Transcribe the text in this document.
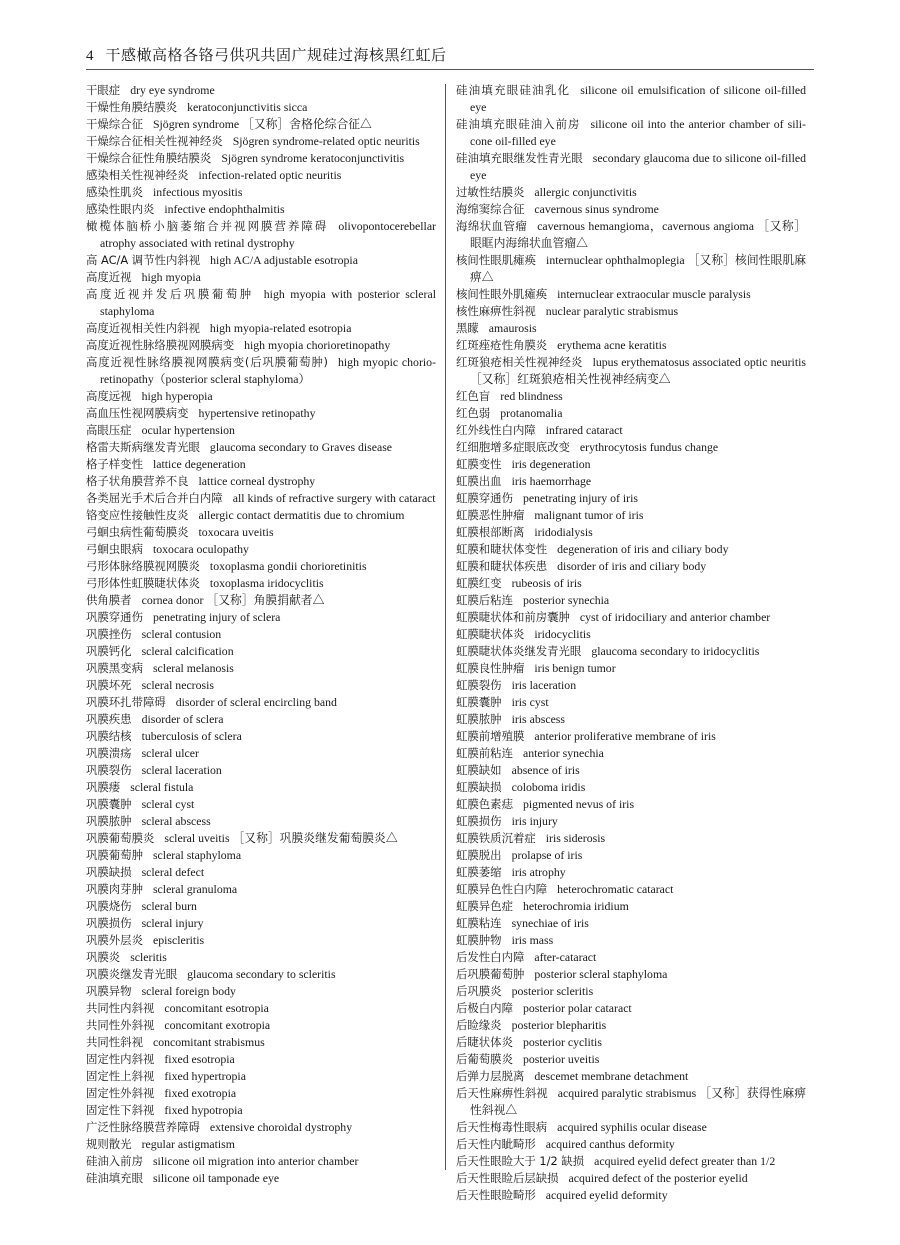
4 干感橄高格各铬弓供巩共固广规硅过海核黑红虹后
干眼症 dry eye syndrome
干燥性角膜结膜炎 keratoconjunctivitis sicca
干燥综合征 Sjögren syndrome ［又称］舍格伦综合征△
干燥综合征相关性视神经炎 Sjögren syndrome-related optic neuritis
干燥综合征性角膜结膜炎 Sjögren syndrome keratoconjunctivitis
感染相关性视神经炎 infection-related optic neuritis
感染性肌炎 infectious myositis
感染性眼内炎 infective endophthalmitis
橄榄体脑桥小脑萎缩合并视网膜营养障碍 olivopontocerebellar atrophy associated with retinal dystrophy
高 AC/A 调节性内斜视 high AC/A adjustable esotropia
高度近视 high myopia
高度近视并发后巩膜葡萄肿 high myopia with posterior scleral staphyloma
高度近视相关性内斜视 high myopia-related esotropia
高度近视性脉络膜视网膜病变 high myopia chorioretinopathy
高度近视性脉络膜视网膜病变(后巩膜葡萄肿) high myopic chorioretinopathy（posterior scleral staphyloma）
高度远视 high hyperopia
高血压性视网膜病变 hypertensive retinopathy
高眼压症 ocular hypertension
格雷夫斯病继发青光眼 glaucoma secondary to Graves disease
格子样变性 lattice degeneration
格子状角膜营养不良 lattice corneal dystrophy
各类屈光手术后合并白内障 all kinds of refractive surgery with cataract
铬变应性接触性皮炎 allergic contact dermatitis due to chromium
弓蛔虫病性葡萄膜炎 toxocara uveitis
弓蛔虫眼病 toxocara oculopathy
弓形体脉络膜视网膜炎 toxoplasma gondii chorioretinitis
弓形体性虹膜睫状体炎 toxoplasma iridocyclitis
供角膜者 cornea donor ［又称］角膜捐献者△
巩膜穿通伤 penetrating injury of sclera
巩膜挫伤 scleral contusion
巩膜钙化 scleral calcification
巩膜黑变病 scleral melanosis
巩膜坏死 scleral necrosis
巩膜环扎带障碍 disorder of scleral encircling band
巩膜疾患 disorder of sclera
巩膜结核 tuberculosis of sclera
巩膜溃疡 scleral ulcer
巩膜裂伤 scleral laceration
巩膜瘘 scleral fistula
巩膜囊肿 scleral cyst
巩膜脓肿 scleral abscess
巩膜葡萄膜炎 scleral uveitis ［又称］巩膜炎继发葡萄膜炎△
巩膜葡萄肿 scleral staphyloma
巩膜缺损 scleral defect
巩膜肉芽肿 scleral granuloma
巩膜烧伤 scleral burn
巩膜损伤 scleral injury
巩膜外层炎 episcleritis
巩膜炎 scleritis
巩膜炎继发青光眼 glaucoma secondary to scleritis
巩膜异物 scleral foreign body
共同性内斜视 concomitant esotropia
共同性外斜视 concomitant exotropia
共同性斜视 concomitant strabismus
固定性内斜视 fixed esotropia
固定性上斜视 fixed hypertropia
固定性外斜视 fixed exotropia
固定性下斜视 fixed hypotropia
广泛性脉络膜营养障碍 extensive choroidal dystrophy
规则散光 regular astigmatism
硅油入前房 silicone oil migration into anterior chamber
硅油填充眼 silicone oil tamponade eye
硅油填充眼硅油乳化 silicone oil emulsification of silicone oil-filled eye
硅油填充眼硅油入前房 silicone oil into the anterior chamber of silicone oil-filled eye
硅油填充眼继发性青光眼 secondary glaucoma due to silicone oil-filled eye
过敏性结膜炎 allergic conjunctivitis
海绵窦综合征 cavernous sinus syndrome
海绵状血管瘤 cavernous hemangioma，cavernous angioma ［又称］眼眶内海绵状血管瘤△
核间性眼肌瘫痪 internuclear ophthalmoplegia ［又称］核间性眼肌麻痹△
核间性眼外肌瘫痪 internuclear extraocular muscle paralysis
核性麻痹性斜视 nuclear paralytic strabismus
黑矇 amaurosis
红斑痤疮性角膜炎 erythema acne keratitis
红斑狼疮相关性视神经炎 lupus erythematosus associated optic neuritis ［又称］红斑狼疮相关性视神经病变△
红色盲 red blindness
红色弱 protanomalia
红外线性白内障 infrared cataract
红细胞增多症眼底改变 erythrocytosis fundus change
虹膜变性 iris degeneration
虹膜出血 iris haemorrhage
虹膜穿通伤 penetrating injury of iris
虹膜恶性肿瘤 malignant tumor of iris
虹膜根部断离 iridodialysis
虹膜和睫状体变性 degeneration of iris and ciliary body
虹膜和睫状体疾患 disorder of iris and ciliary body
虹膜红变 rubeosis of iris
虹膜后粘连 posterior synechia
虹膜睫状体和前房囊肿 cyst of iridociliary and anterior chamber
虹膜睫状体炎 iridocyclitis
虹膜睫状体炎继发青光眼 glaucoma secondary to iridocyclitis
虹膜良性肿瘤 iris benign tumor
虹膜裂伤 iris laceration
虹膜囊肿 iris cyst
虹膜脓肿 iris abscess
虹膜前增殖膜 anterior proliferative membrane of iris
虹膜前粘连 anterior synechia
虹膜缺如 absence of iris
虹膜缺损 coloboma iridis
虹膜色素痣 pigmented nevus of iris
虹膜损伤 iris injury
虹膜铁质沉着症 iris siderosis
虹膜脱出 prolapse of iris
虹膜萎缩 iris atrophy
虹膜异色性白内障 heterochromatic cataract
虹膜异色症 heterochromia iridium
虹膜粘连 synechiae of iris
虹膜肿物 iris mass
后发性白内障 after-cataract
后巩膜葡萄肿 posterior scleral staphyloma
后巩膜炎 posterior scleritis
后极白内障 posterior polar cataract
后睑缘炎 posterior blepharitis
后睫状体炎 posterior cyclitis
后葡萄膜炎 posterior uveitis
后弹力层脱离 descemet membrane detachment
后天性麻痹性斜视 acquired paralytic strabismus ［又称］获得性麻痹性斜视△
后天性梅毒性眼病 acquired syphilis ocular disease
后天性内眦畸形 acquired canthus deformity
后天性眼睑大于 1/2 缺损 acquired eyelid defect greater than 1/2
后天性眼睑后层缺损 acquired defect of the posterior eyelid
后天性眼睑畸形 acquired eyelid deformity
